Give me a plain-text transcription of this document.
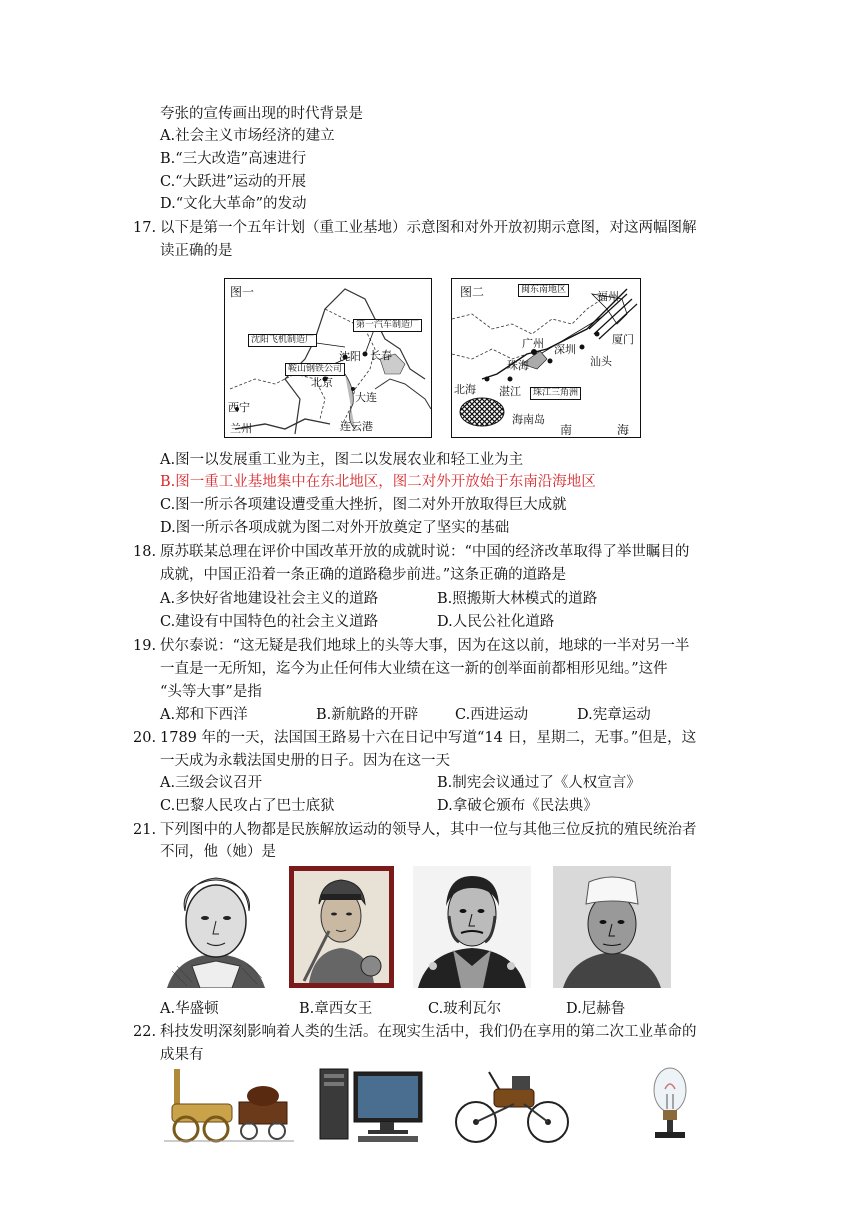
夸张的宣传画出现的时代背景是
A.社会主义市场经济的建立
B.“三大改造”高速进行
C.“大跃进”运动的开展
D.“文化大革命”的发动
17. 以下是第一个五年计划（重工业基地）示意图和对外开放初期示意图，对这两幅图解
读正确的是
图一
沈阳飞机制造厂
第一汽车制造厂
鞍山钢铁公司
沈阳 长春
北京
大连
西宁
兰州	连云港
图二	闽东南地区	福州
厦门
广州 深圳
汕头
珠海
北海 湛江	珠江三角洲
海南岛
南	海
A.图一以发展重工业为主，图二以发展农业和轻工业为主
B.图一重工业基地集中在东北地区，图二对外开放始于东南沿海地区
C.图一所示各项建设遭受重大挫折，图二对外开放取得巨大成就
D.图一所示各项成就为图二对外开放奠定了坚实的基础
18. 原苏联某总理在评价中国改革开放的成就时说：“中国的经济改革取得了举世瞩目的
成就，中国正沿着一条正确的道路稳步前进。”这条正确的道路是
A.多快好省地建设社会主义的道路	B.照搬斯大林模式的道路
C.建设有中国特色的社会主义道路	D.人民公社化道路
19. 伏尔泰说：“这无疑是我们地球上的头等大事，因为在这以前，地球的一半对另一半
一直是一无所知，迄今为止任何伟大业绩在这一新的创举面前都相形见绌。”这件
“头等大事”是指
A.郑和下西洋	B.新航路的开辟	C.西进运动	D.宪章运动
20. 1789 年的一天，法国国王路易十六在日记中写道“14 日，星期二，无事。”但是，这
一天成为永载法国史册的日子。因为在这一天
A.三级会议召开	B.制宪会议通过了《人权宣言》
C.巴黎人民攻占了巴士底狱	D.拿破仑颁布《民法典》
21. 下列图中的人物都是民族解放运动的领导人，其中一位与其他三位反抗的殖民统治者
不同，他（她）是
A.华盛顿	B.章西女王	C.玻利瓦尔	D.尼赫鲁
22. 科技发明深刻影响着人类的生活。在现实生活中，我们仍在享用的第二次工业革命的
成果有
